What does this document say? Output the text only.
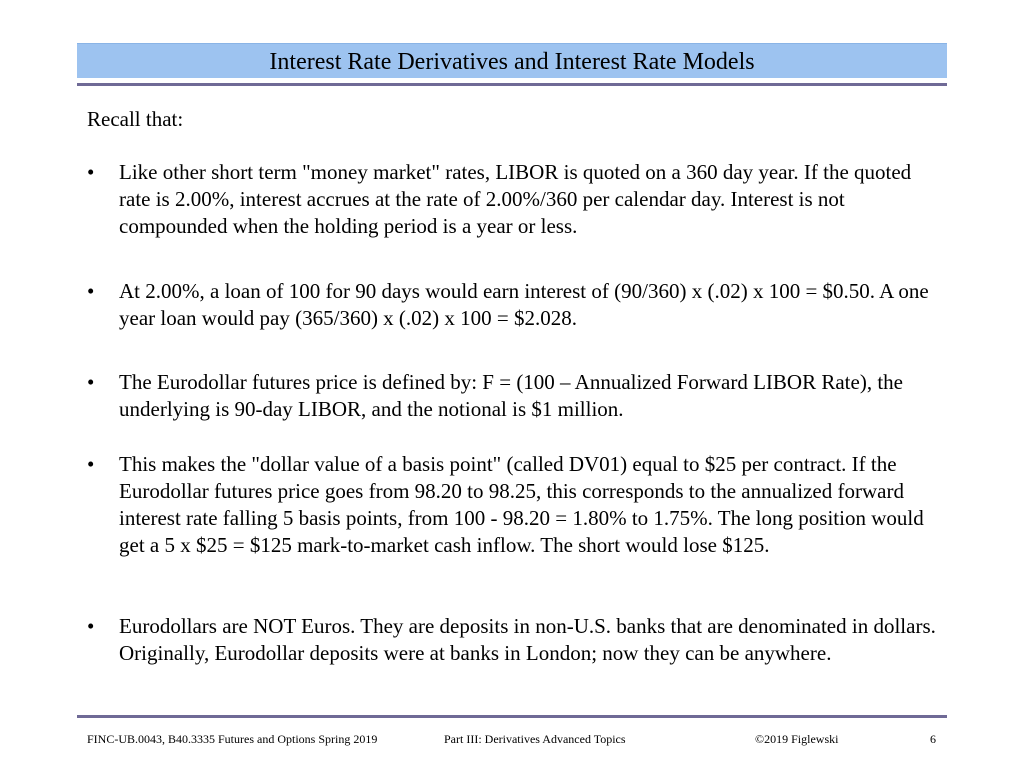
Interest Rate Derivatives and Interest Rate Models
Recall that:
•	Like other short term "money market" rates, LIBOR is quoted on a 360 day year. If the quoted rate is 2.00%, interest accrues at the rate of 2.00%/360 per calendar day. Interest is not compounded when the holding period is a year or less.
•	At 2.00%, a loan of 100 for 90 days would earn interest of (90/360) x (.02) x 100 = $0.50. A one year loan would pay (365/360) x (.02) x 100 = $2.028.
•	The Eurodollar futures price is defined by: F = (100 – Annualized Forward LIBOR Rate), the underlying is 90-day LIBOR, and the notional is $1 million.
•	This makes the "dollar value of a basis point" (called DV01) equal to $25 per contract. If the Eurodollar futures price goes from 98.20 to 98.25, this corresponds to the annualized forward interest rate falling 5 basis points, from 100 - 98.20 = 1.80% to 1.75%. The long position would get a 5 x $25 = $125 mark-to-market cash inflow. The short would lose $125.
•	Eurodollars are NOT Euros. They are deposits in non-U.S. banks that are denominated in dollars. Originally, Eurodollar deposits were at banks in London; now they can be anywhere.
FINC-UB.0043, B40.3335 Futures and Options Spring 2019	Part III: Derivatives Advanced Topics	©2019 Figlewski	6
